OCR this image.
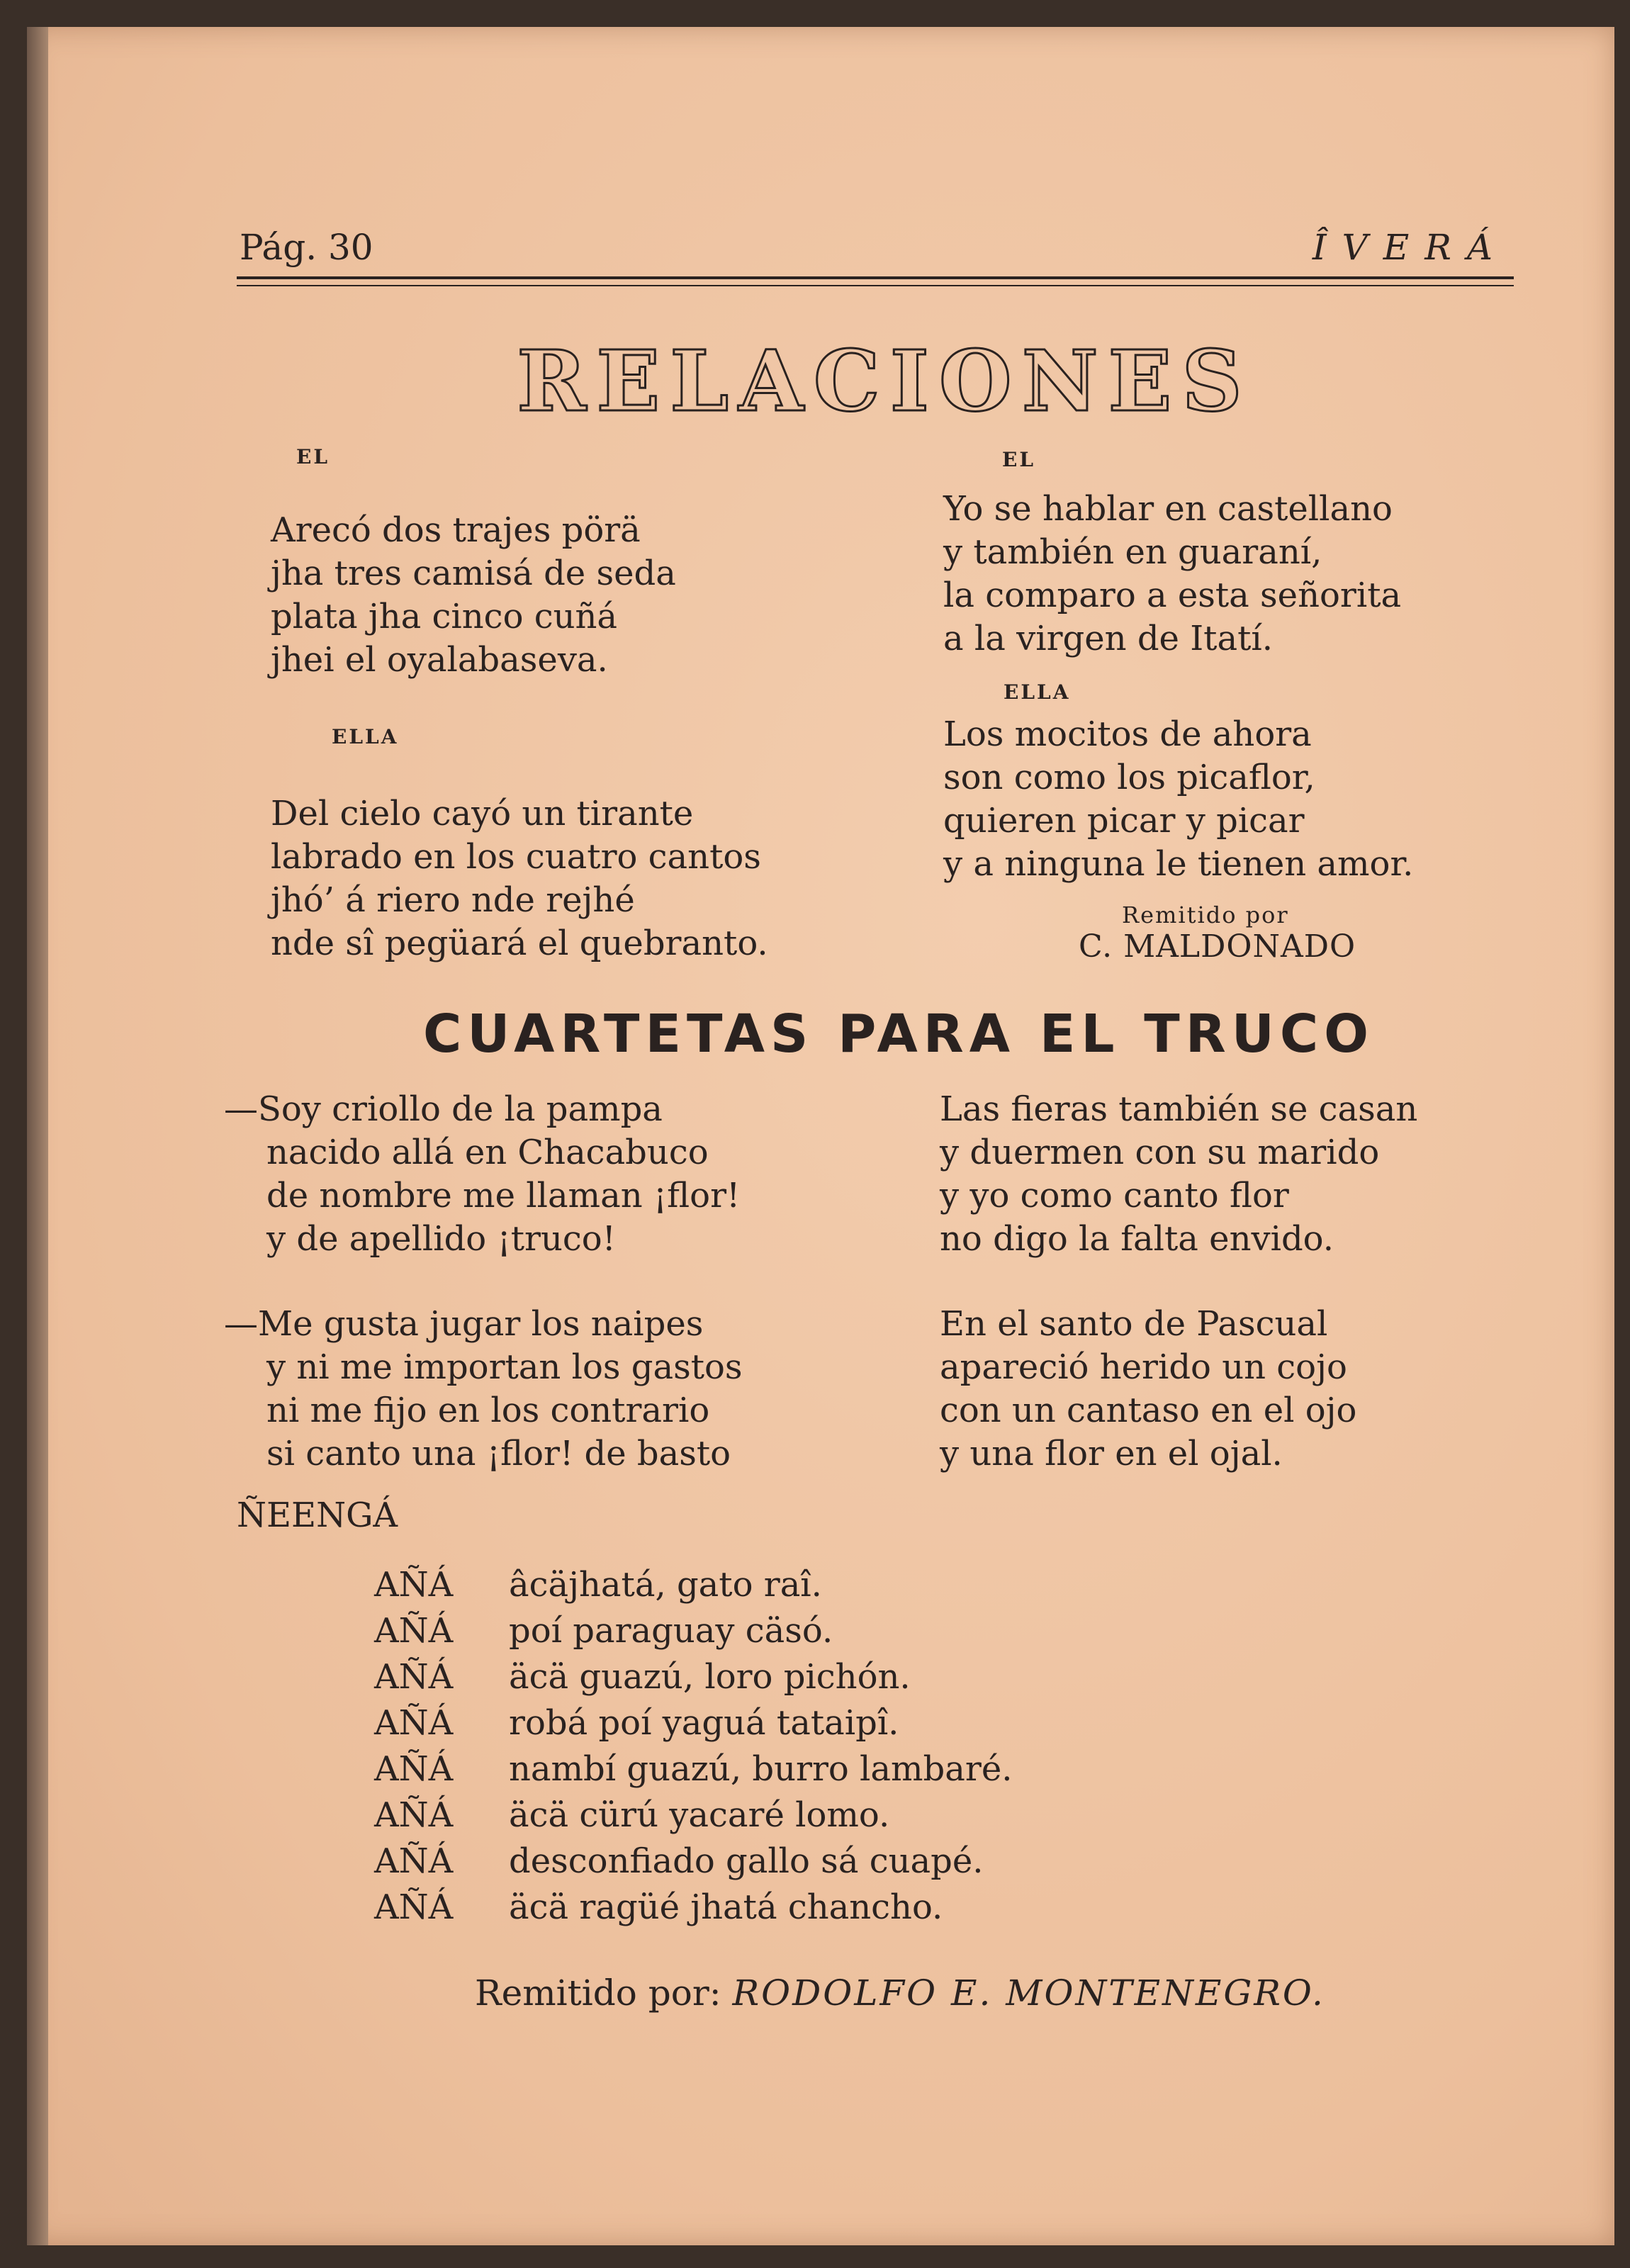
Pág. 30	ÎVERÁ
RELACIONES
EL
Arecó dos trajes pörä
jha tres camisá de seda
plata jha cinco cuñá
jhei el oyalabaseva.
ELLA
Del cielo cayó un tirante
labrado en los cuatro cantos
jhó’ á riero nde rejhé
nde sî pegüará el quebranto.
EL
Yo se hablar en castellano
y también en guaraní,
la comparo a esta señorita
a la virgen de Itatí.
ELLA
Los mocitos de ahora
son como los picaflor,
quieren picar y picar
y a ninguna le tienen amor.
Remitido por
C. MALDONADO
CUARTETAS PARA EL TRUCO
—Soy criollo de la pampa
nacido allá en Chacabuco
de nombre me llaman ¡flor!
y de apellido ¡truco!
—Me gusta jugar los naipes
y ni me importan los gastos
ni me fijo en los contrario
si canto una ¡flor! de basto
Las fieras también se casan
y duermen con su marido
y yo como canto flor
no digo la falta envido.
En el santo de Pascual
apareció herido un cojo
con un cantaso en el ojo
y una flor en el ojal.
ÑEENGÁ
AÑÁ	âcäjhatá, gato raî.
AÑÁ	poí paraguay cäsó.
AÑÁ	äcä guazú, loro pichón.
AÑÁ	robá poí yaguá tataipî.
AÑÁ	nambí guazú, burro lambaré.
AÑÁ	äcä cürú yacaré lomo.
AÑÁ	desconfiado gallo sá cuapé.
AÑÁ	äcä ragüé jhatá chancho.
Remitido por: RODOLFO E. MONTENEGRO.
